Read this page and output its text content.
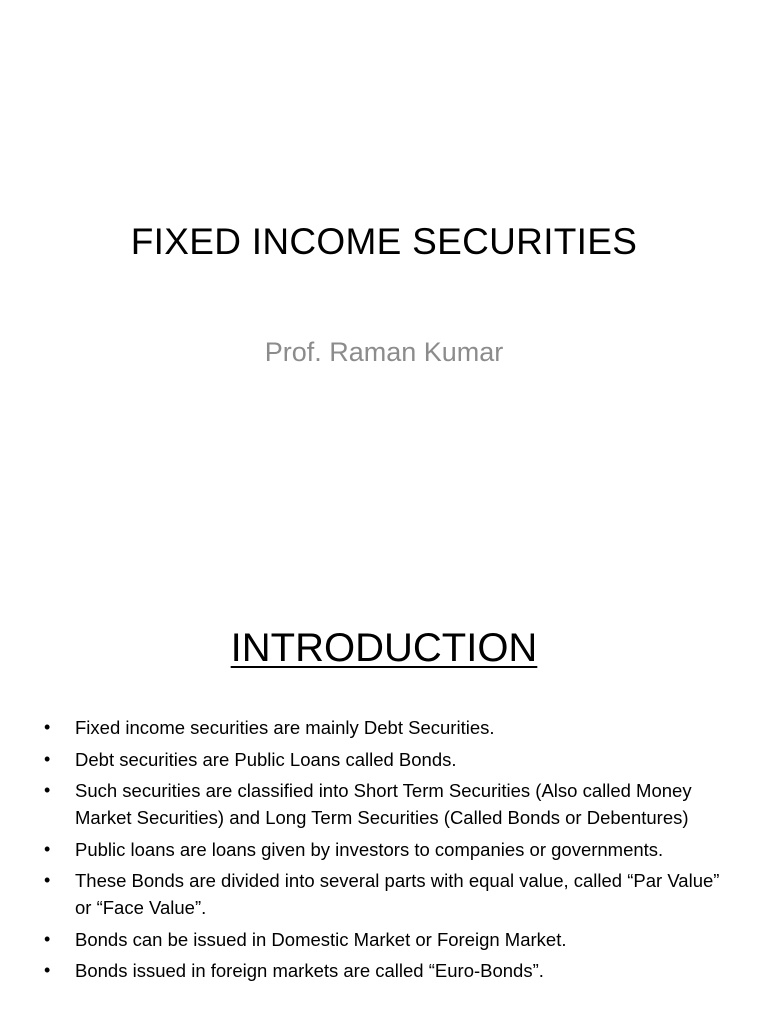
FIXED INCOME SECURITIES
Prof. Raman Kumar
INTRODUCTION
• Fixed income securities are mainly Debt Securities.
• Debt securities are Public Loans called Bonds.
• Such securities are classified into Short Term Securities (Also called Money Market Securities) and Long Term Securities (Called Bonds or Debentures)
• Public loans are loans given by investors to companies or governments.
• These Bonds are divided into several parts with equal value, called “Par Value” or “Face Value”.
• Bonds can be issued in Domestic Market or Foreign Market.
• Bonds issued in foreign markets are called “Euro-Bonds”.
